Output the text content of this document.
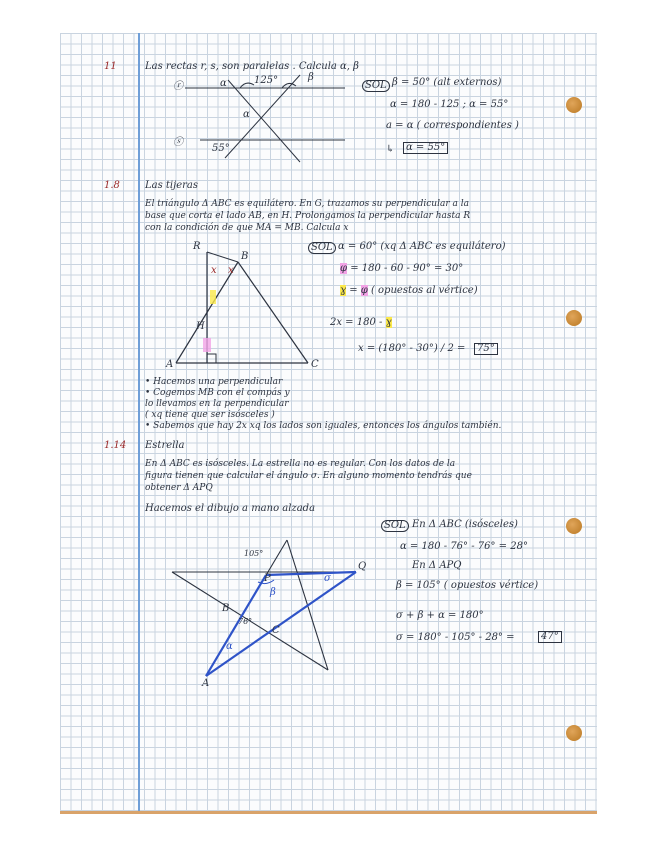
11	Las rectas r, s, son paralelas . Calcula α, β
ⓡ
ⓢ
α	125°	β
α
55°
SOL β = 50° (alt externos)
α = 180 - 125 ; α = 55°
a = α ( correspondientes )
↳	α = 55°
1.8	Las tijeras
El triángulo Δ ABC es equilátero. En G, trazamos su perpendicular a la
base que corta el lado AB, en H. Prolongamos la perpendicular hasta R
con la condición de que MA = MB. Calcula x
R
B
A	C
H
x x
SOL α = 60° (xq Δ ABC es equilátero)
φ = 180 - 60 - 90° = 30°
ɣ = φ ( opuestos al vértice)
2x = 180 - ɣ
x = (180° - 30°) / 2 =	75°
• Hacemos una perpendicular
• Cogemos MB con el compás y
lo llevamos en la perpendicular
( xq tiene que ser isósceles )
• Sabemos que hay 2x xq los lados son iguales, entonces los ángulos también.
1.14 Estrella
En Δ ABC es isósceles. La estrella no es regular. Con los datos de la
figura tienen que calcular el ángulo σ. En alguno momento tendrás que
obtener Δ APQ
Hacemos el dibujo a mano alzada
105°
P
Q
β
σ
B
76°
C
α
A
SOL En Δ ABC (isósceles)
α = 180 - 76° - 76° = 28°
En Δ APQ
β = 105° ( opuestos vértice)
σ + β + α = 180°
σ = 180° - 105° - 28° =	47°
